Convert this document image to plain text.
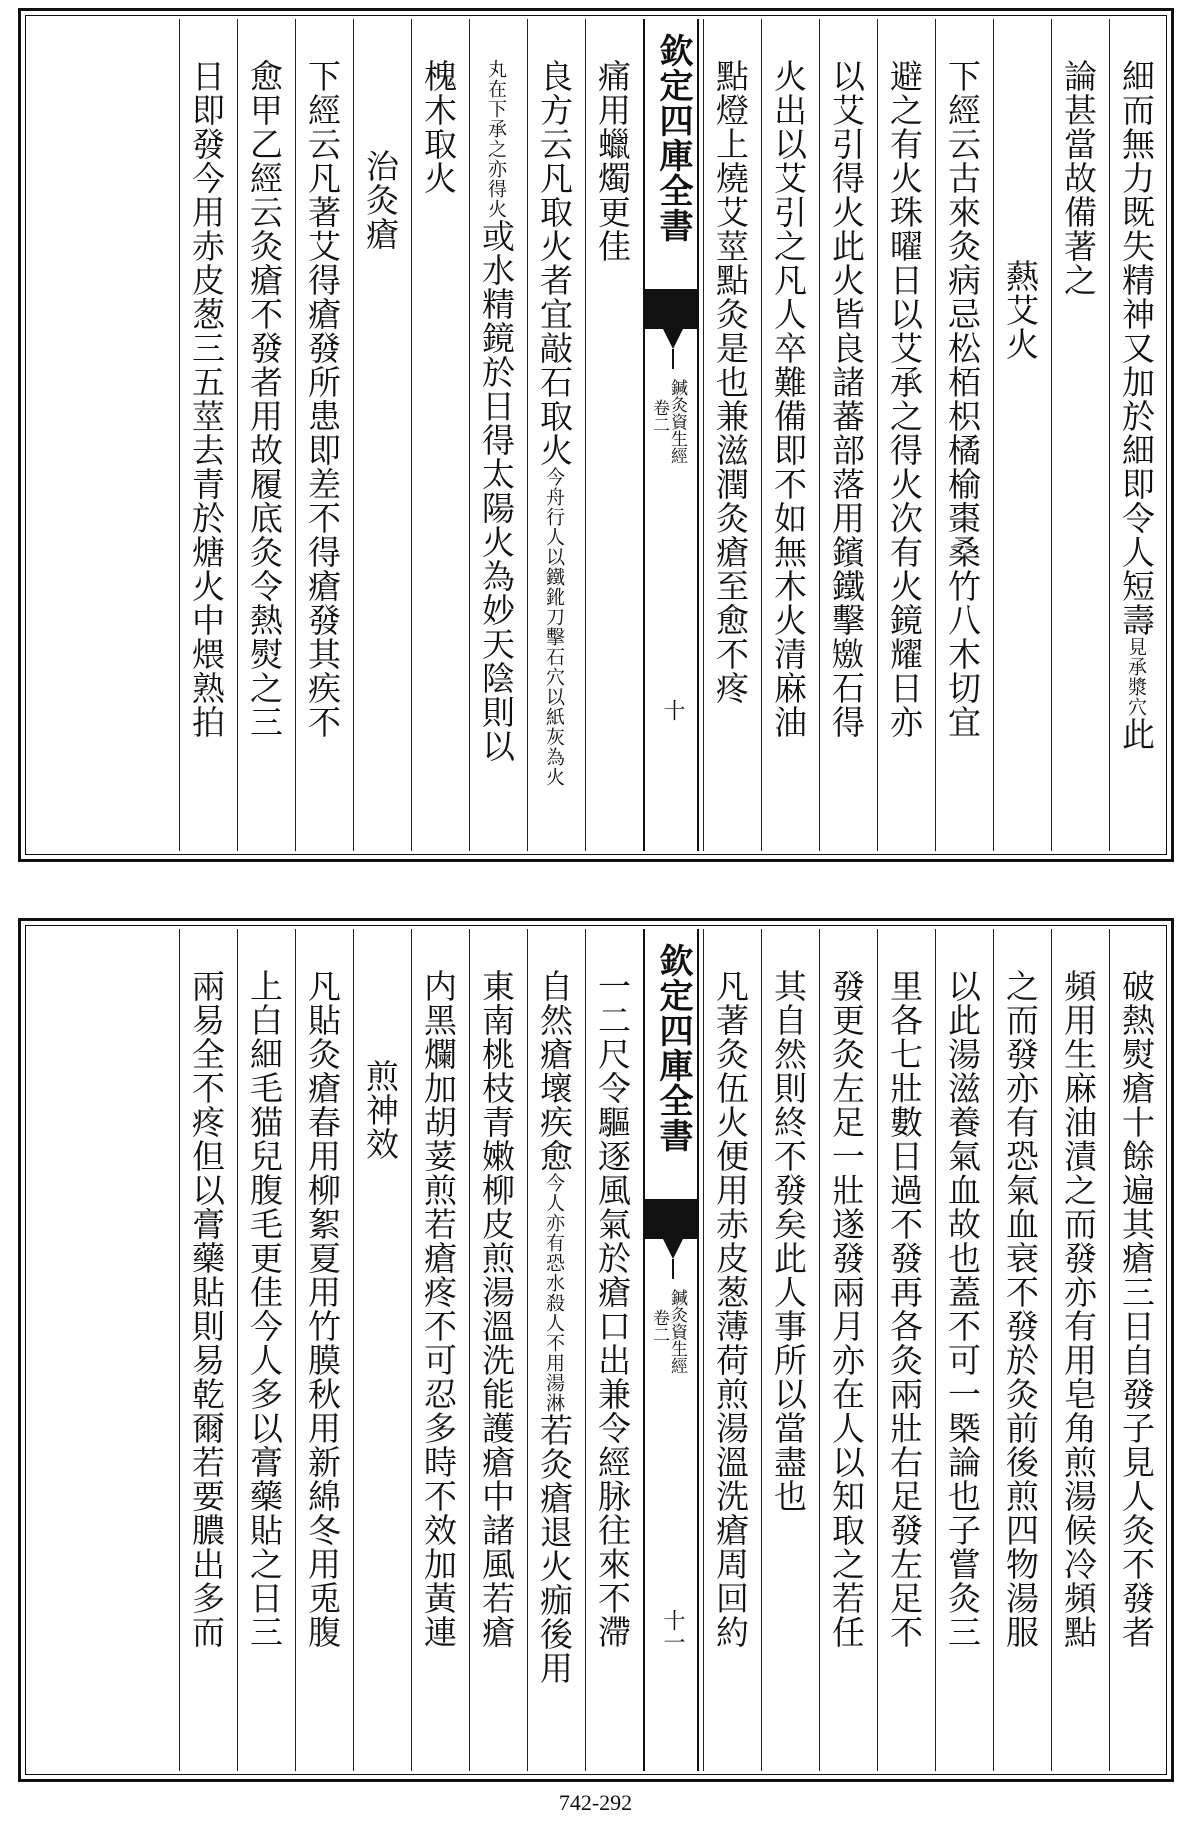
細而無力既失精神又加於細即令人短壽見承漿穴此
論甚當故備著之
爇艾火
下經云古來灸病忌松栢枳橘榆棗桑竹八木切宜
避之有火珠曜日以艾承之得火次有火鏡耀日亦
以艾引得火此火皆良諸蕃部落用鑌鐵擊𥐊石得
火出以艾引之凡人卒難備即不如無木火清麻油
點燈上燒艾莖點灸是也兼滋潤灸瘡至愈不疼
欽定四庫全書
鍼灸資生經
卷二
十
痛用蠟燭更佳
良方云凡取火者宜敲石取火今舟行人以鐵鈋刀擊石穴以紙灰為火
丸在下承之亦得火或水精鏡於日得太陽火為妙天陰則以
槐木取火
治灸瘡
下經云凡著艾得瘡發所患即差不得瘡發其疾不
愈甲乙經云灸瘡不發者用故履底灸令熱熨之三
日即發今用赤皮葱三五莖去青於煻火中煨熟拍
破熱熨瘡十餘遍其瘡三日自發子見人灸不發者
頻用生麻油漬之而發亦有用皂角煎湯候冷頻點
之而發亦有恐氣血衰不發於灸前後煎四物湯服
以此湯滋養氣血故也蓋不可一槩論也子嘗灸三
里各七壯數日過不發再各灸兩壯右足發左足不
發更灸左足一壯遂發兩月亦在人以知取之若任
其自然則終不發矣此人事所以當盡也
凡著灸伍火便用赤皮葱薄荷煎湯溫洗瘡周回約
欽定四庫全書
鍼灸資生經
卷二
十一
一二尺令驅逐風氣於瘡口出兼令經脉往來不滯
自然瘡壞疾愈今人亦有恐水殺人不用湯淋若灸瘡退火痂後用
東南桃枝青嫩柳皮煎湯溫洗能護瘡中諸風若瘡
内黑爛加胡荽煎若瘡疼不可忍多時不效加黃連
煎神效
凡貼灸瘡春用柳絮夏用竹膜秋用新綿冬用兎腹
上白細毛猫兒腹毛更佳今人多以膏藥貼之日三
兩易全不疼但以膏藥貼則易乾爾若要膿出多而
742-292
